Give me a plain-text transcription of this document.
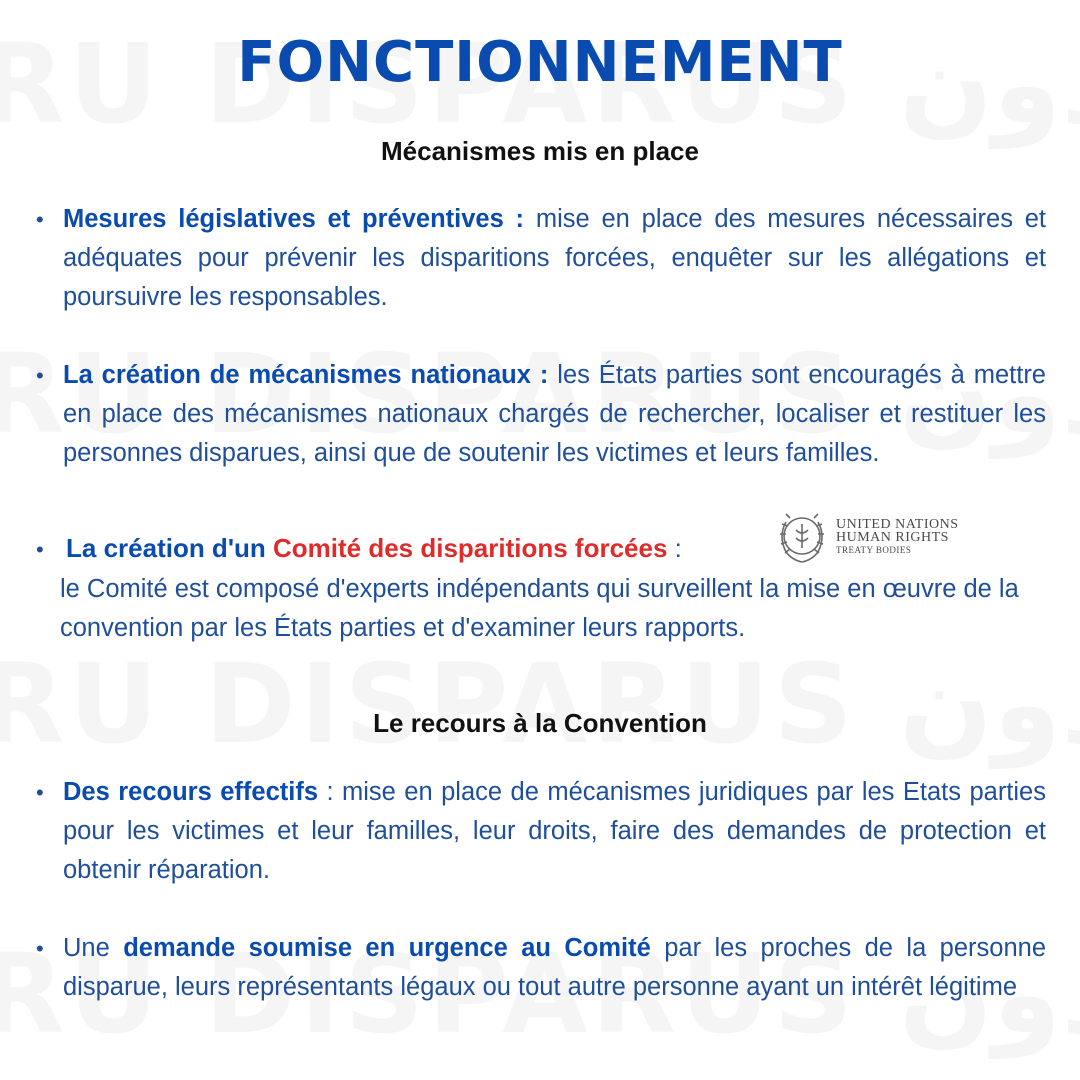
FONCTIONNEMENT
Mécanismes mis en place
• Mesures législatives et préventives : mise en place des mesures nécessaires et adéquates pour prévenir les disparitions forcées, enquêter sur les allégations et poursuivre les responsables.
• La création de mécanismes nationaux : les États parties sont encouragés à mettre en place des mécanismes nationaux chargés de rechercher, localiser et restituer les personnes disparues, ainsi que de soutenir les victimes et leurs familles.
• La création d'un Comité des disparitions forcées :
UNITED NATIONS
HUMAN RIGHTS
TREATY BODIES
le Comité est composé d'experts indépendants qui surveillent la mise en œuvre de la convention par les États parties et d'examiner leurs rapports.
Le recours à la Convention
• Des recours effectifs : mise en place de mécanismes juridiques par les Etats parties pour les victimes et leur familles, leur droits, faire des demandes de protection et obtenir réparation.
• Une demande soumise en urgence au Comité par les proches de la personne disparue, leurs représentants légaux ou tout autre personne ayant un intérêt légitime
